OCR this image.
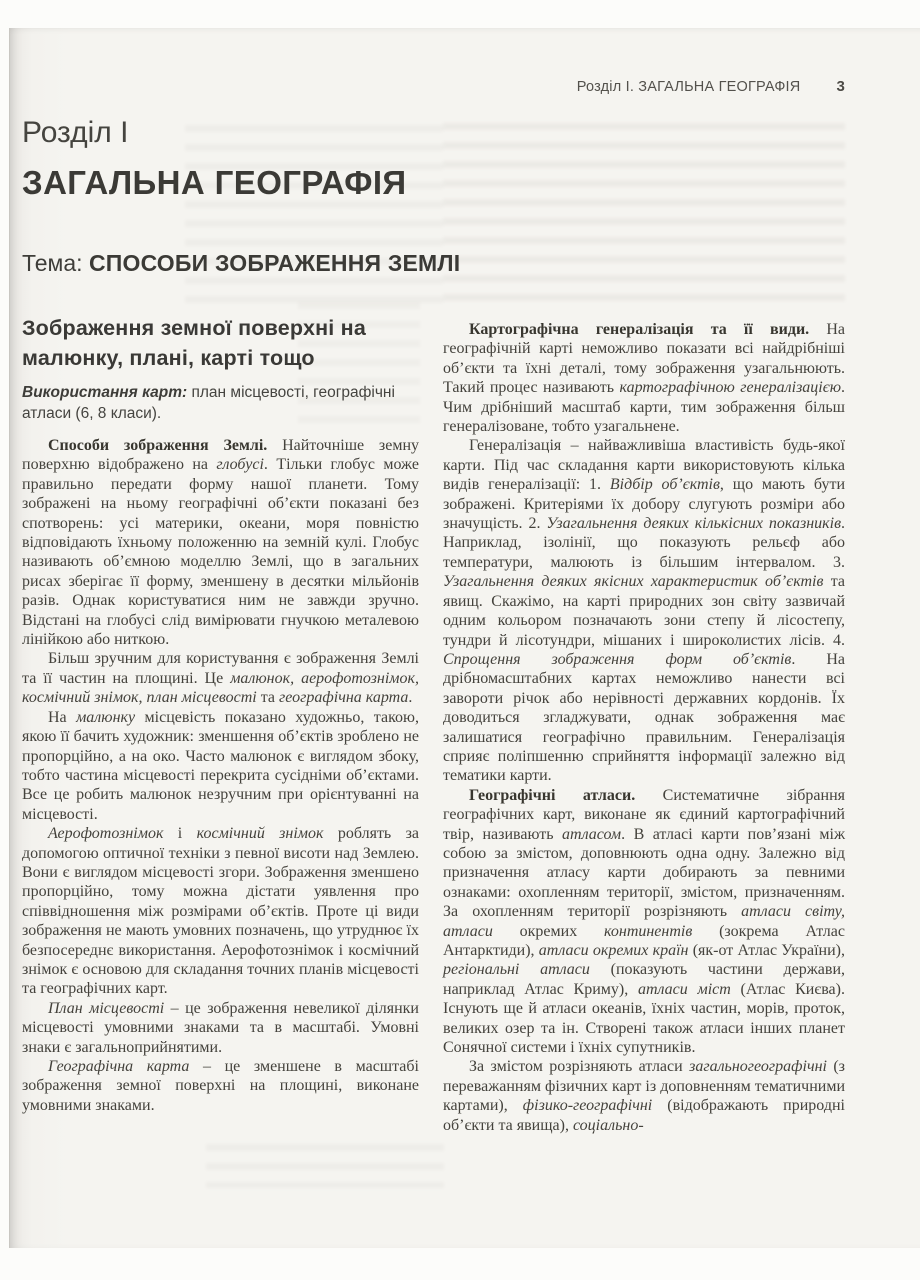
Розділ І. ЗАГАЛЬНА ГЕОГРАФІЯ 3
Розділ І
ЗАГАЛЬНА ГЕОГРАФІЯ
Тема: СПОСОБИ ЗОБРАЖЕННЯ ЗЕМЛІ
Зображення земної поверхні на малюнку, плані, карті тощо

Використання карт: план місцевості, географічні атласи (6, 8 класи).

Способи зображення Землі. Найточніше земну поверхню відображено на глобусі. Тільки глобус може правильно передати форму нашої планети. Тому зображені на ньому географічні об’єкти показані без спотворень: усі материки, океани, моря повністю відповідають їхньому положенню на земній кулі. Глобус називають об’ємною моделлю Землі, що в загальних рисах зберігає її форму, зменшену в десятки мільйонів разів. Однак користуватися ним не завжди зручно. Відстані на глобусі слід вимірювати гнучкою металевою лінійкою або ниткою.

Більш зручним для користування є зображення Землі та її частин на площині. Це малюнок, аерофотознімок, космічний знімок, план місцевості та географічна карта.

На малюнку місцевість показано художньо, такою, якою її бачить художник: зменшення об’єктів зроблено не пропорційно, а на око. Часто малюнок є виглядом збоку, тобто частина місцевості перекрита сусідніми об’єктами. Все це робить малюнок незручним при орієнтуванні на місцевості.

Аерофотознімок і космічний знімок роблять за допомогою оптичної техніки з певної висоти над Землею. Вони є виглядом місцевості згори. Зображення зменшено пропорційно, тому можна дістати уявлення про співвідношення між розмірами об’єктів. Проте ці види зображення не мають умовних позначень, що утруднює їх безпосереднє використання. Аерофотознімок і космічний знімок є основою для складання точних планів місцевості та географічних карт.

План місцевості – це зображення невеликої ділянки місцевості умовними знаками та в масштабі. Умовні знаки є загальноприйнятими.

Географічна карта – це зменшене в масштабі зображення земної поверхні на площині, виконане умовними знаками.

Картографічна генералізація та її види. На географічній карті неможливо показати всі найдрібніші об’єкти та їхні деталі, тому зображення узагальнюють. Такий процес називають картографічною генералізацією. Чим дрібніший масштаб карти, тим зображення більш генералізоване, тобто узагальнене.

Генералізація – найважливіша властивість будь-якої карти. Під час складання карти використовують кілька видів генералізації: 1. Відбір об’єктів, що мають бути зображені. Критеріями їх добору слугують розміри або значущість. 2. Узагальнення деяких кількісних показників. Наприклад, ізолінії, що показують рельєф або температури, малюють із більшим інтервалом. 3. Узагальнення деяких якісних характеристик об’єктів та явищ. Скажімо, на карті природних зон світу зазвичай одним кольором позначають зони степу й лісостепу, тундри й лісотундри, мішаних і широколистих лісів. 4. Спрощення зображення форм об’єктів. На дрібномасштабних картах неможливо нанести всі завороти річок або нерівності державних кордонів. Їх доводиться згладжувати, однак зображення має залишатися географічно правильним. Генералізація сприяє поліпшенню сприйняття інформації залежно від тематики карти.

Географічні атласи. Систематичне зібрання географічних карт, виконане як єдиний картографічний твір, називають атласом. В атласі карти пов’язані між собою за змістом, доповнюють одна одну. Залежно від призначення атласу карти добирають за певними ознаками: охопленням території, змістом, призначенням. За охопленням території розрізняють атласи світу, атласи окремих континентів (зокрема Атлас Антарктиди), атласи окремих країн (як-от Атлас України), регіональні атласи (показують частини держави, наприклад Атлас Криму), атласи міст (Атлас Києва). Існують ще й атласи океанів, їхніх частин, морів, проток, великих озер та ін. Створені також атласи інших планет Сонячної системи і їхніх супутників.

За змістом розрізняють атласи загальногеографічні (з переважанням фізичних карт із доповненням тематичними картами), фізико-географічні (відображають природні об’єкти та явища), соціально-
